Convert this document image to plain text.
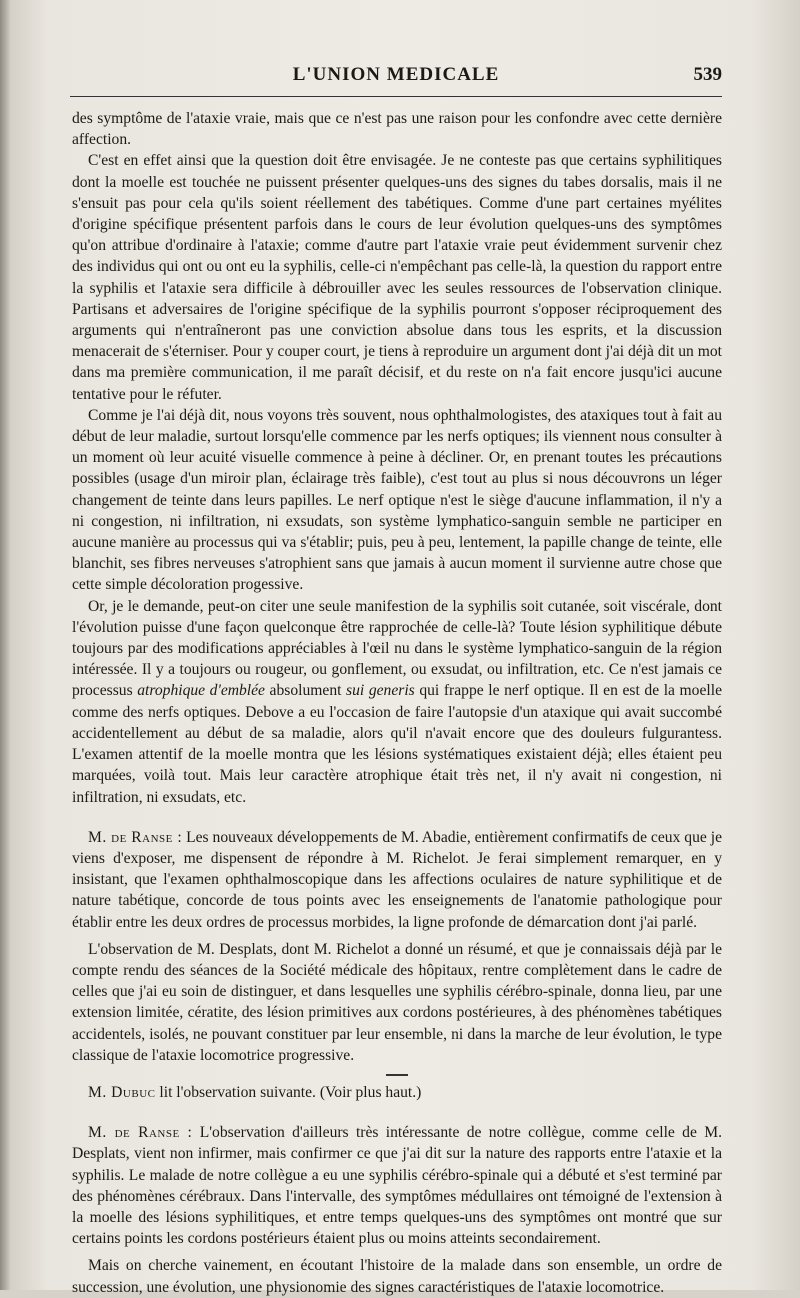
L'UNION MEDICALE	539

des symptôme de l'ataxie vraie, mais que ce n'est pas une raison pour les confondre avec cette dernière affection.

C'est en effet ainsi que la question doit être envisagée. Je ne conteste pas que certains syphilitiques dont la moelle est touchée ne puissent présenter quelques-uns des signes du tabes dorsalis, mais il ne s'ensuit pas pour cela qu'ils soient réellement des tabétiques. Comme d'une part certaines myélites d'origine spécifique présentent parfois dans le cours de leur évolution quelques-uns des symptômes qu'on attribue d'ordinaire à l'ataxie; comme d'autre part l'ataxie vraie peut évidemment survenir chez des individus qui ont ou ont eu la syphilis, celle-ci n'empêchant pas celle-là, la question du rapport entre la syphilis et l'ataxie sera difficile à débrouiller avec les seules ressources de l'observation clinique. Partisans et adversaires de l'origine spécifique de la syphilis pourront s'opposer réciproquement des arguments qui n'entraîneront pas une conviction absolue dans tous les esprits, et la discussion menacerait de s'éterniser. Pour y couper court, je tiens à reproduire un argument dont j'ai déjà dit un mot dans ma première communication, il me paraît décisif, et du reste on n'a fait encore jusqu'ici aucune tentative pour le réfuter.

Comme je l'ai déjà dit, nous voyons très souvent, nous ophthalmologistes, des ataxiques tout à fait au début de leur maladie, surtout lorsqu'elle commence par les nerfs optiques; ils viennent nous consulter à un moment où leur acuité visuelle commence à peine à décliner. Or, en prenant toutes les précautions possibles (usage d'un miroir plan, éclairage très faible), c'est tout au plus si nous découvrons un léger changement de teinte dans leurs papilles. Le nerf optique n'est le siège d'aucune inflammation, il n'y a ni congestion, ni infiltration, ni exsudats, son système lymphatico-sanguin semble ne participer en aucune manière au processus qui va s'établir; puis, peu à peu, lentement, la papille change de teinte, elle blanchit, ses fibres nerveuses s'atrophient sans que jamais à aucun moment il survienne autre chose que cette simple décoloration progessive.

Or, je le demande, peut-on citer une seule manifestion de la syphilis soit cutanée, soit viscérale, dont l'évolution puisse d'une façon quelconque être rapprochée de celle-là? Toute lésion syphilitique débute toujours par des modifications appréciables à l'œil nu dans le système lymphatico-sanguin de la région intéressée. Il y a toujours ou rougeur, ou gonflement, ou exsudat, ou infiltration, etc. Ce n'est jamais ce processus atrophique d'emblée absolument sui generis qui frappe le nerf optique. Il en est de la moelle comme des nerfs optiques. Debove a eu l'occasion de faire l'autopsie d'un ataxique qui avait succombé accidentellement au début de sa maladie, alors qu'il n'avait encore que des douleurs fulgurantess. L'examen attentif de la moelle montra que les lésions systématiques existaient déjà; elles étaient peu marquées, voilà tout. Mais leur caractère atrophique était très net, il n'y avait ni congestion, ni infiltration, ni exsudats, etc.

M. de Ranse : Les nouveaux développements de M. Abadie, entièrement confirmatifs de ceux que je viens d'exposer, me dispensent de répondre à M. Richelot. Je ferai simplement remarquer, en y insistant, que l'examen ophthalmoscopique dans les affections oculaires de nature syphilitique et de nature tabétique, concorde de tous points avec les enseignements de l'anatomie pathologique pour établir entre les deux ordres de processus morbides, la ligne profonde de démarcation dont j'ai parlé.

L'observation de M. Desplats, dont M. Richelot a donné un résumé, et que je connaissais déjà par le compte rendu des séances de la Société médicale des hôpitaux, rentre complètement dans le cadre de celles que j'ai eu soin de distinguer, et dans lesquelles une syphilis cérébro-spinale, donna lieu, par une extension limitée, cératite, des lésion primitives aux cordons postérieures, à des phénomènes tabétiques accidentels, isolés, ne pouvant constituer par leur ensemble, ni dans la marche de leur évolution, le type classique de l'ataxie locomotrice progressive.

M. Dubuc lit l'observation suivante. (Voir plus haut.)

M. de Ranse : L'observation d'ailleurs très intéressante de notre collègue, comme celle de M. Desplats, vient non infirmer, mais confirmer ce que j'ai dit sur la nature des rapports entre l'ataxie et la syphilis. Le malade de notre collègue a eu une syphilis cérébro-spinale qui a débuté et s'est terminé par des phénomènes cérébraux. Dans l'intervalle, des symptômes médullaires ont témoigné de l'extension à la moelle des lésions syphilitiques, et entre temps quelques-uns des symptômes ont montré que sur certains points les cordons postérieurs étaient plus ou moins atteints secondairement.

Mais on cherche vainement, en écoutant l'histoire de la malade dans son ensemble, un ordre de succession, une évolution, une physionomie des signes caractéristiques de l'ataxie locomotrice.
